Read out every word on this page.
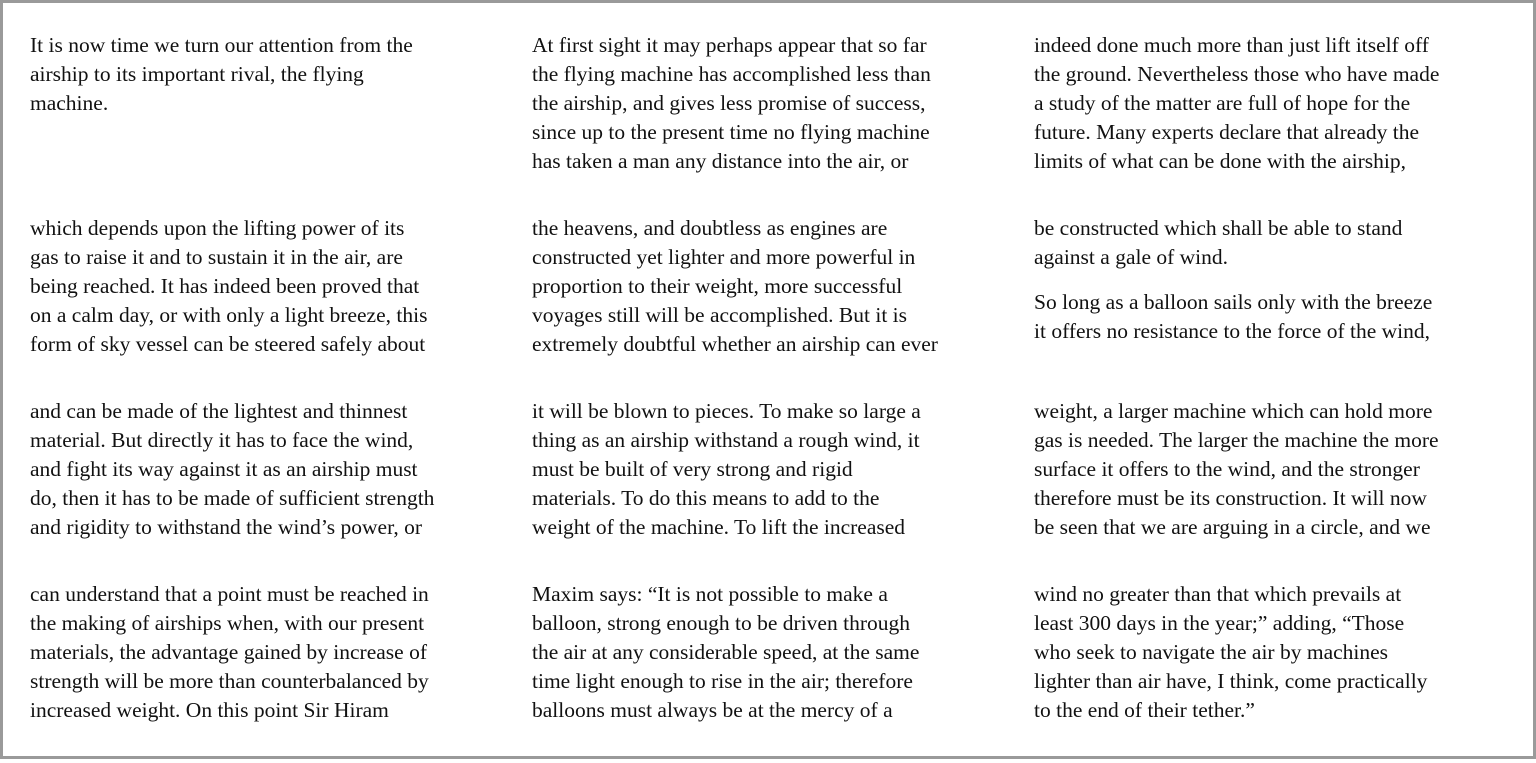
It is now time we turn our attention from the
airship to its important rival, the flying
machine.

At first sight it may perhaps appear that so far
the flying machine has accomplished less than
the airship, and gives less promise of success,
since up to the present time no flying machine
has taken a man any distance into the air, or

indeed done much more than just lift itself off
the ground. Nevertheless those who have made
a study of the matter are full of hope for the
future. Many experts declare that already the
limits of what can be done with the airship,

which depends upon the lifting power of its
gas to raise it and to sustain it in the air, are
being reached. It has indeed been proved that
on a calm day, or with only a light breeze, this
form of sky vessel can be steered safely about

the heavens, and doubtless as engines are
constructed yet lighter and more powerful in
proportion to their weight, more successful
voyages still will be accomplished. But it is
extremely doubtful whether an airship can ever

be constructed which shall be able to stand
against a gale of wind.

So long as a balloon sails only with the breeze
it offers no resistance to the force of the wind,

and can be made of the lightest and thinnest
material. But directly it has to face the wind,
and fight its way against it as an airship must
do, then it has to be made of sufficient strength
and rigidity to withstand the wind’s power, or

it will be blown to pieces. To make so large a
thing as an airship withstand a rough wind, it
must be built of very strong and rigid
materials. To do this means to add to the
weight of the machine. To lift the increased

weight, a larger machine which can hold more
gas is needed. The larger the machine the more
surface it offers to the wind, and the stronger
therefore must be its construction. It will now
be seen that we are arguing in a circle, and we

can understand that a point must be reached in
the making of airships when, with our present
materials, the advantage gained by increase of
strength will be more than counterbalanced by
increased weight. On this point Sir Hiram

Maxim says: “It is not possible to make a
balloon, strong enough to be driven through
the air at any considerable speed, at the same
time light enough to rise in the air; therefore
balloons must always be at the mercy of a

wind no greater than that which prevails at
least 300 days in the year;” adding, “Those
who seek to navigate the air by machines
lighter than air have, I think, come practically
to the end of their tether.”
